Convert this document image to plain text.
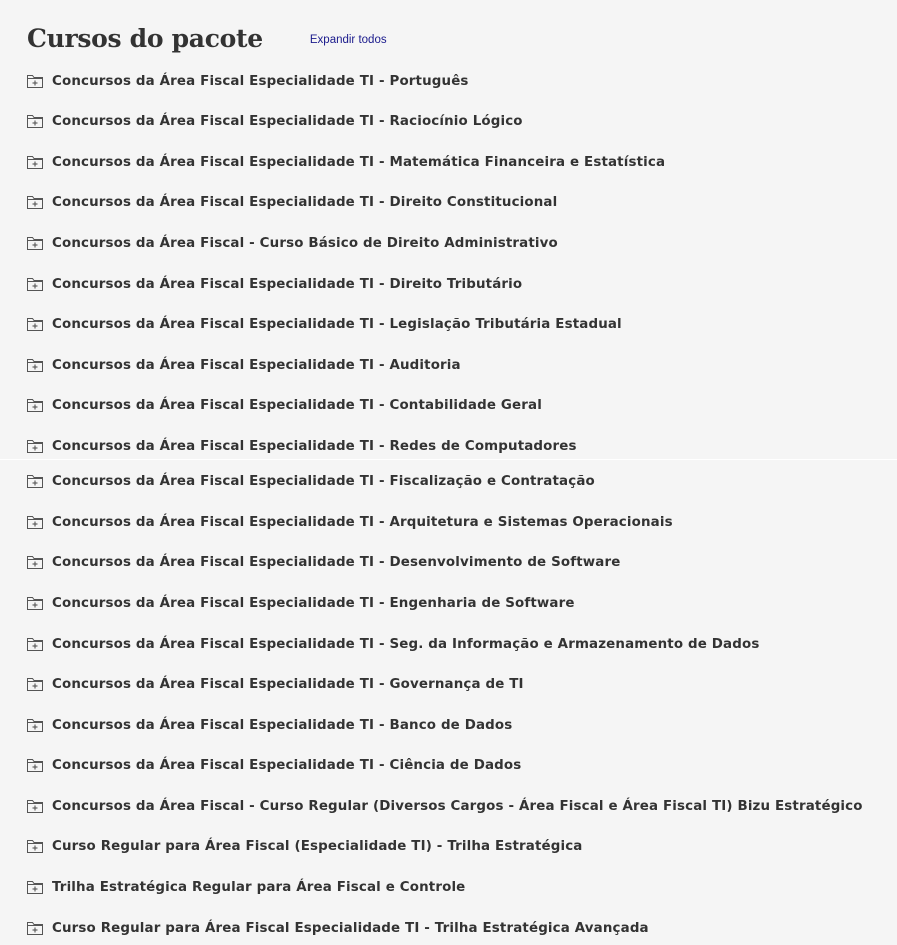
Cursos do pacote	Expandir todos
Concursos da Área Fiscal Especialidade TI - Português
Concursos da Área Fiscal Especialidade TI - Raciocínio Lógico
Concursos da Área Fiscal Especialidade TI - Matemática Financeira e Estatística
Concursos da Área Fiscal Especialidade TI - Direito Constitucional
Concursos da Área Fiscal - Curso Básico de Direito Administrativo
Concursos da Área Fiscal Especialidade TI - Direito Tributário
Concursos da Área Fiscal Especialidade TI - Legislação Tributária Estadual
Concursos da Área Fiscal Especialidade TI - Auditoria
Concursos da Área Fiscal Especialidade TI - Contabilidade Geral
Concursos da Área Fiscal Especialidade TI - Redes de Computadores
Concursos da Área Fiscal Especialidade TI - Fiscalização e Contratação
Concursos da Área Fiscal Especialidade TI - Arquitetura e Sistemas Operacionais
Concursos da Área Fiscal Especialidade TI - Desenvolvimento de Software
Concursos da Área Fiscal Especialidade TI - Engenharia de Software
Concursos da Área Fiscal Especialidade TI - Seg. da Informação e Armazenamento de Dados
Concursos da Área Fiscal Especialidade TI - Governança de TI
Concursos da Área Fiscal Especialidade TI - Banco de Dados
Concursos da Área Fiscal Especialidade TI - Ciência de Dados
Concursos da Área Fiscal - Curso Regular (Diversos Cargos - Área Fiscal e Área Fiscal TI) Bizu Estratégico
Curso Regular para Área Fiscal (Especialidade TI) - Trilha Estratégica
Trilha Estratégica Regular para Área Fiscal e Controle
Curso Regular para Área Fiscal Especialidade TI - Trilha Estratégica Avançada
